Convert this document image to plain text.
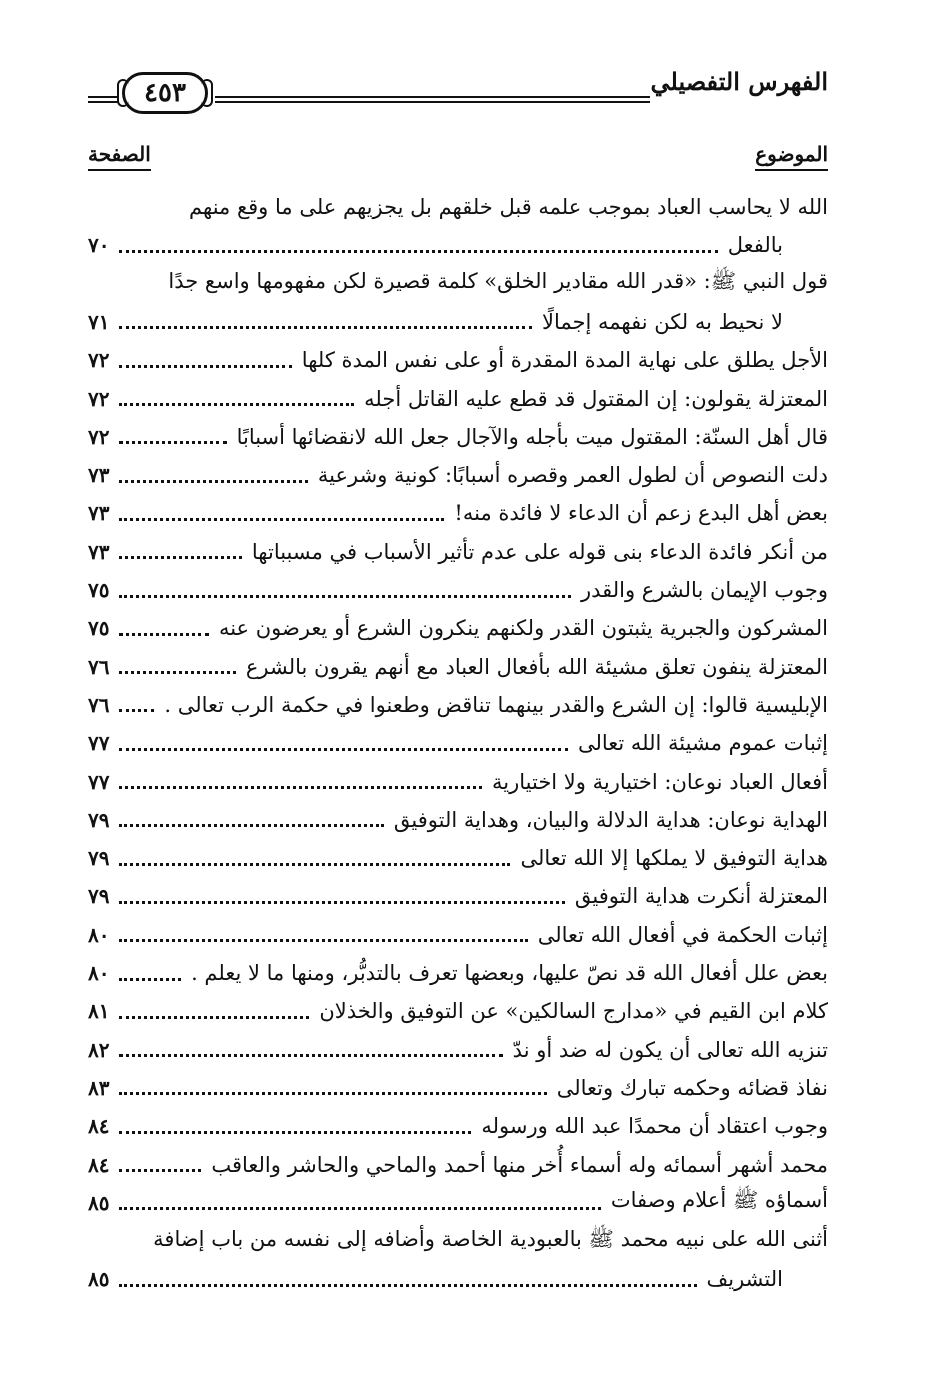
الفهرس التفصيلي
٤٥٣
الموضوع
الصفحة
الله لا يحاسب العباد بموجب علمه قبل خلقهم بل يجزيهم على ما وقع منهم
بالفعل
٧٠
قول النبي ﷺ: «قدر الله مقادير الخلق» كلمة قصيرة لكن مفهومها واسع جدًا
لا نحيط به لكن نفهمه إجمالًا
٧١
الأجل يطلق على نهاية المدة المقدرة أو على نفس المدة كلها
٧٢
المعتزلة يقولون: إن المقتول قد قطع عليه القاتل أجله
٧٢
قال أهل السنّة: المقتول ميت بأجله والآجال جعل الله لانقضائها أسبابًا
٧٢
دلت النصوص أن لطول العمر وقصره أسبابًا: كونية وشرعية
٧٣
بعض أهل البدع زعم أن الدعاء لا فائدة منه!
٧٣
من أنكر فائدة الدعاء بنى قوله على عدم تأثير الأسباب في مسبباتها
٧٣
وجوب الإيمان بالشرع والقدر
٧٥
المشركون والجبرية يثبتون القدر ولكنهم ينكرون الشرع أو يعرضون عنه
٧٥
المعتزلة ينفون تعلق مشيئة الله بأفعال العباد مع أنهم يقرون بالشرع
٧٦
الإبليسية قالوا: إن الشرع والقدر بينهما تناقض وطعنوا في حكمة الرب تعالى .
٧٦
إثبات عموم مشيئة الله تعالى
٧٧
أفعال العباد نوعان: اختيارية ولا اختيارية
٧٧
الهداية نوعان: هداية الدلالة والبيان، وهداية التوفيق
٧٩
هداية التوفيق لا يملكها إلا الله تعالى
٧٩
المعتزلة أنكرت هداية التوفيق
٧٩
إثبات الحكمة في أفعال الله تعالى
٨٠
بعض علل أفعال الله قد نصّ عليها، وبعضها تعرف بالتدبُّر، ومنها ما لا يعلم .
٨٠
كلام ابن القيم في «مدارج السالكين» عن التوفيق والخذلان
٨١
تنزيه الله تعالى أن يكون له ضد أو ندّ
٨٢
نفاذ قضائه وحكمه تبارك وتعالى
٨٣
وجوب اعتقاد أن محمدًا عبد الله ورسوله
٨٤
محمد أشهر أسمائه وله أسماء أُخر منها أحمد والماحي والحاشر والعاقب
٨٤
أسماؤه ﷺ أعلام وصفات
٨٥
أثنى الله على نبيه محمد ﷺ بالعبودية الخاصة وأضافه إلى نفسه من باب إضافة
التشريف
٨٥
